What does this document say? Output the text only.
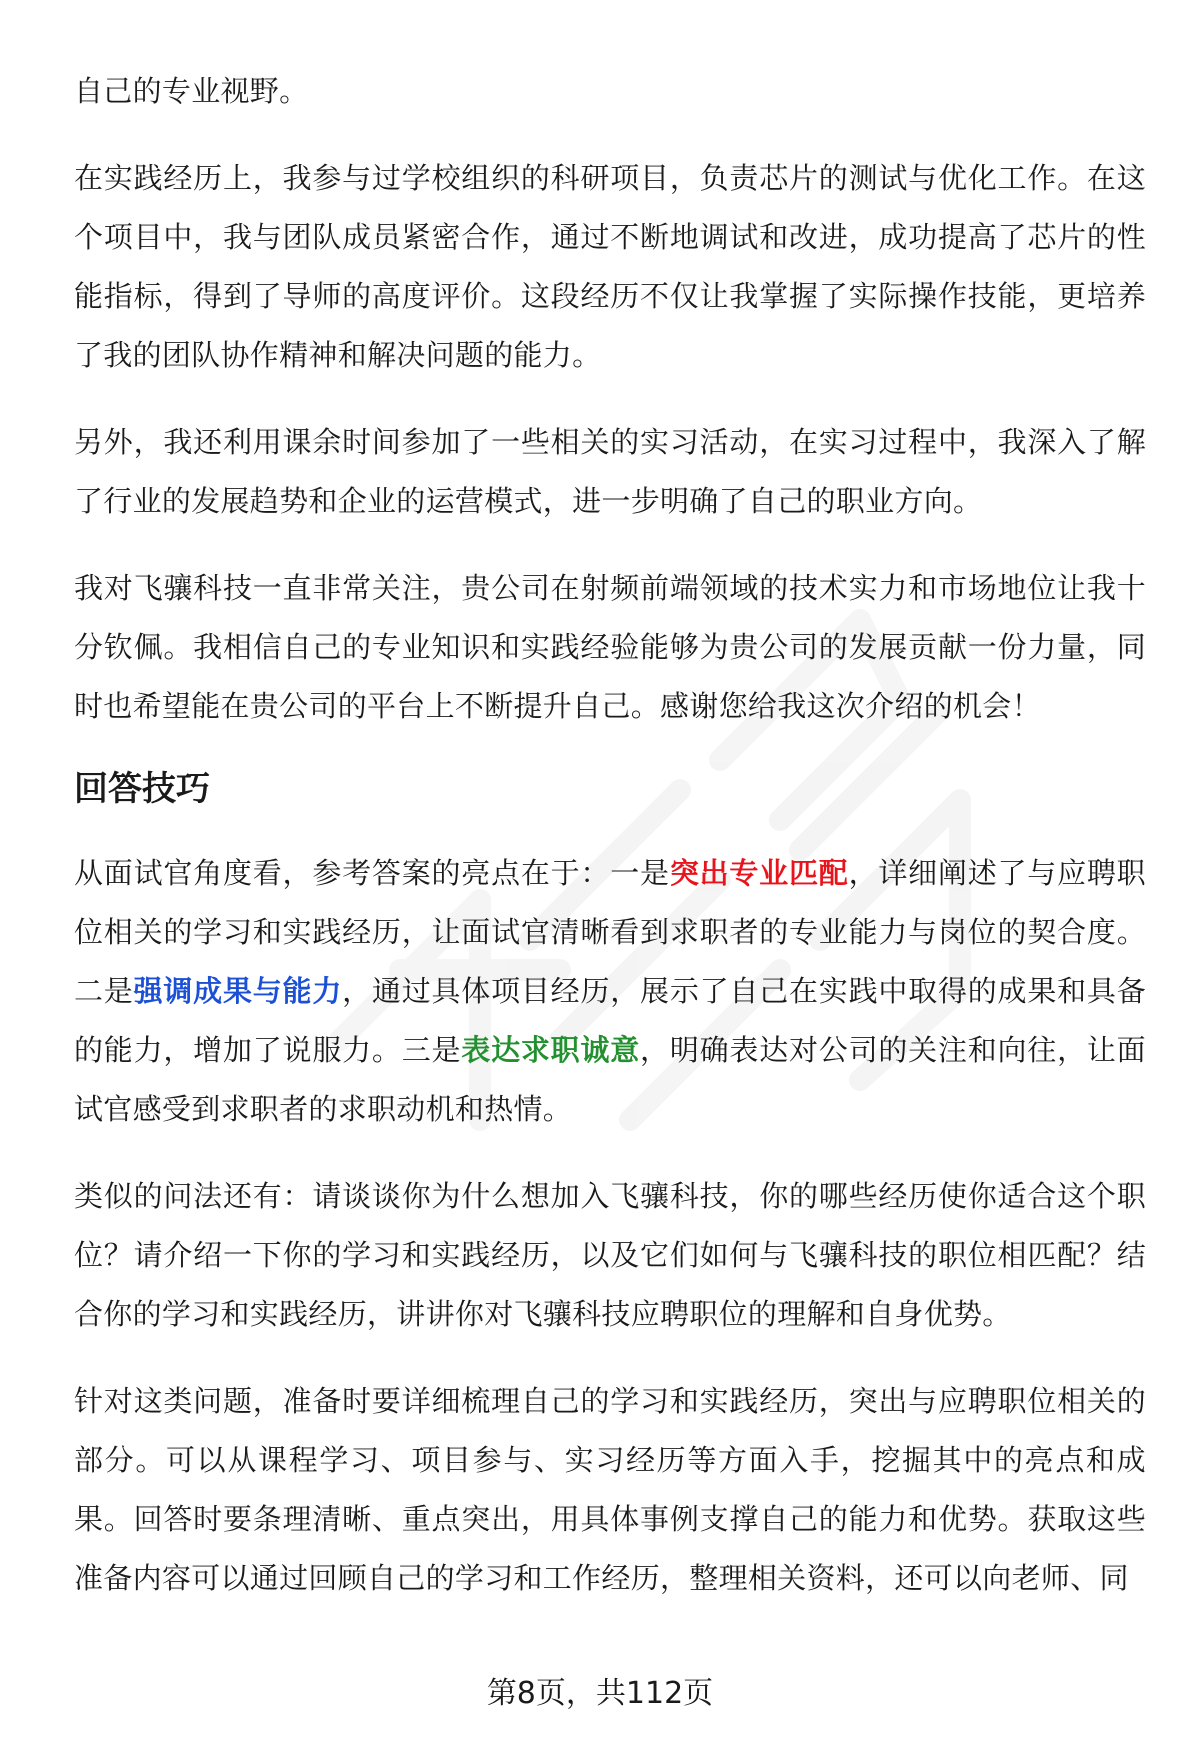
自己的专业视野。

在实践经历上，我参与过学校组织的科研项目，负责芯片的测试与优化工作。在这个项目中，我与团队成员紧密合作，通过不断地调试和改进，成功提高了芯片的性能指标，得到了导师的高度评价。这段经历不仅让我掌握了实际操作技能，更培养了我的团队协作精神和解决问题的能力。

另外，我还利用课余时间参加了一些相关的实习活动，在实习过程中，我深入了解了行业的发展趋势和企业的运营模式，进一步明确了自己的职业方向。

我对飞骧科技一直非常关注，贵公司在射频前端领域的技术实力和市场地位让我十分钦佩。我相信自己的专业知识和实践经验能够为贵公司的发展贡献一份力量，同时也希望能在贵公司的平台上不断提升自己。感谢您给我这次介绍的机会！

回答技巧

从面试官角度看，参考答案的亮点在于：一是突出专业匹配，详细阐述了与应聘职位相关的学习和实践经历，让面试官清晰看到求职者的专业能力与岗位的契合度。二是强调成果与能力，通过具体项目经历，展示了自己在实践中取得的成果和具备的能力，增加了说服力。三是表达求职诚意，明确表达对公司的关注和向往，让面试官感受到求职者的求职动机和热情。

类似的问法还有：请谈谈你为什么想加入飞骧科技，你的哪些经历使你适合这个职位？请介绍一下你的学习和实践经历，以及它们如何与飞骧科技的职位相匹配？结合你的学习和实践经历，讲讲你对飞骧科技应聘职位的理解和自身优势。

针对这类问题，准备时要详细梳理自己的学习和实践经历，突出与应聘职位相关的部分。可以从课程学习、项目参与、实习经历等方面入手，挖掘其中的亮点和成果。回答时要条理清晰、重点突出，用具体事例支撑自己的能力和优势。获取这些准备内容可以通过回顾自己的学习和工作经历，整理相关资料，还可以向老师、同

第8页，共112页
